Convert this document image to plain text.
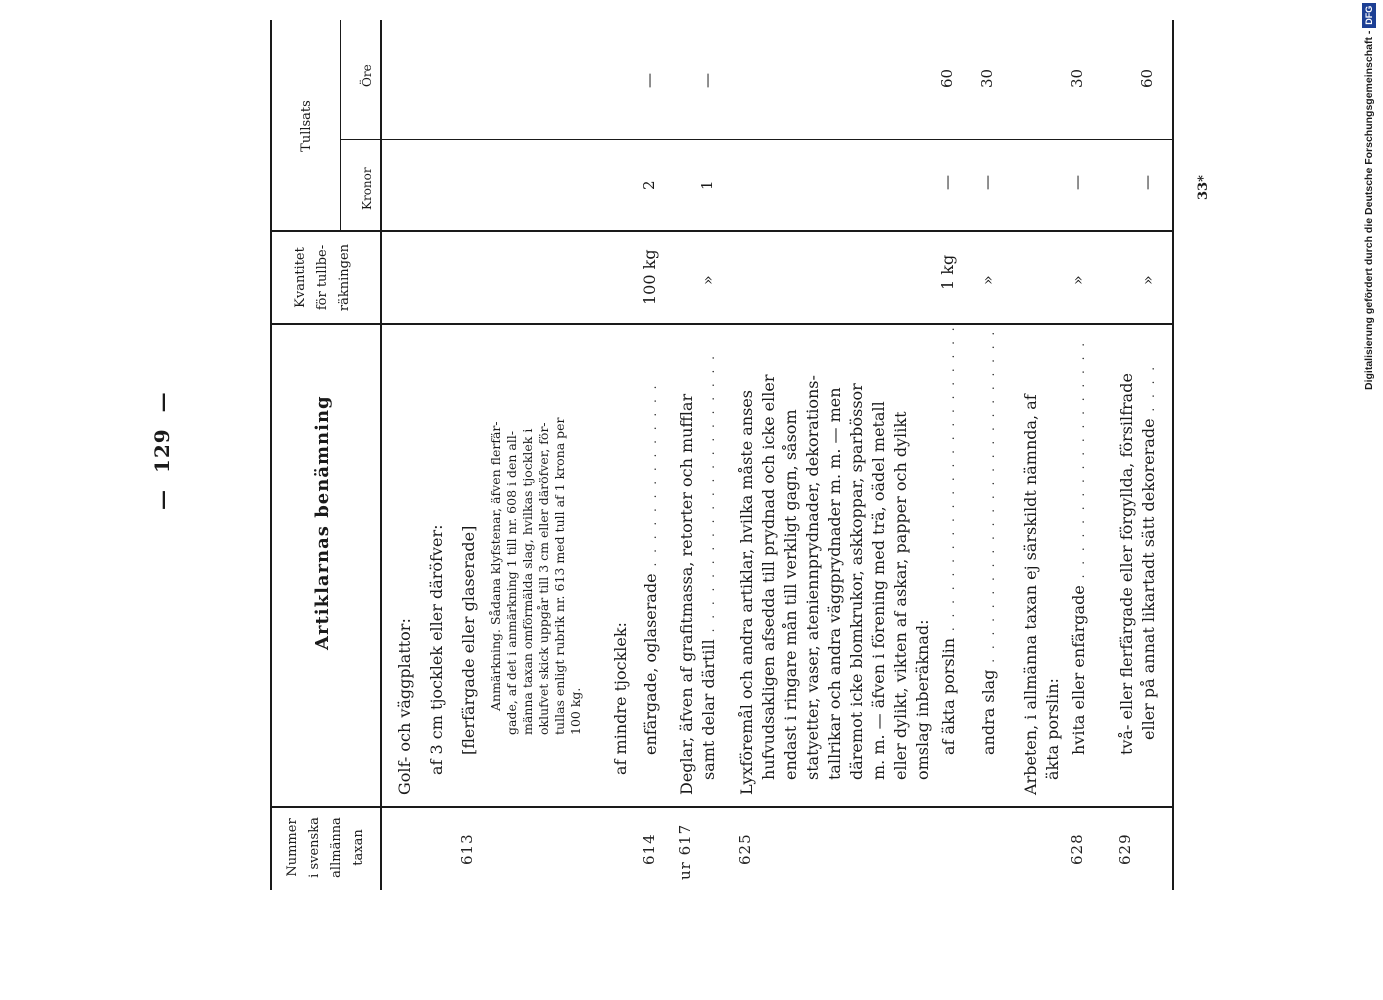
—  129  —
Nummer i svenska allmänna taxan
Artiklarnas benämning
Kvantitet för tullbe- räkningen
Tullsats
Kronor
Öre
Golf- och väggplattor: af 3 cm tjocklek eller däröfver:
613
[flerfärgade eller glaserade] Anmärkning. Sådana klyfstenar, äfven flerfär- gade, af det i anmärkning 1 till nr. 608 i den all- männa taxan omförmälda slag, hvilkas tjocklek i oklufvet skick uppgår till 3 cm eller däröfver, för- tullas enligt rubrik nr. 613 med tull af 1 krona per 100 kg. af mindre tjocklek:
614
enfärgade, oglaserade . . . . . . . . . . . . . .
100 kg
2
—
ur 617
Deglar, äfven af grafitmassa, retorter och mufflar samt delar därtill . . . . . . . . . . . . . . . . . . . . .
»
1
—
625
Lyxföremål och andra artiklar, hvilka måste anses hufvudsakligen afsedda till prydnad och icke eller endast i ringare mån till verkligt gagn, såsom statyetter, vaser, ateniennprydnader, dekorations- tallrikar och andra väggprydnader m. m. — men däremot icke blomkrukor, askkoppar, sparbössor m. m. — äfven i förening med trä, oädel metall eller dylikt, vikten af askar, papper och dylikt omslag inberäknad: af äkta porslin . . . . . . . . . . . . . . . . . . . . . . .
1 kg
—
60
andra slag . . . . . . . . . . . . . . . . . . . . . . . . .
»
—
30
Arbeten, i allmänna taxan ej särskildt nämnda, af äkta porslin:
628
hvita eller enfärgade . . . . . . . . . . . . . . . . . .
»
—
30
629
två- eller flerfärgade eller förgyllda, försilfrade eller på annat likartadt sätt dekorerade . . . .
»
—
60
33*	Digitalisierung gefördert durch die Deutsche Forschungsgemeinschaft - DFG
